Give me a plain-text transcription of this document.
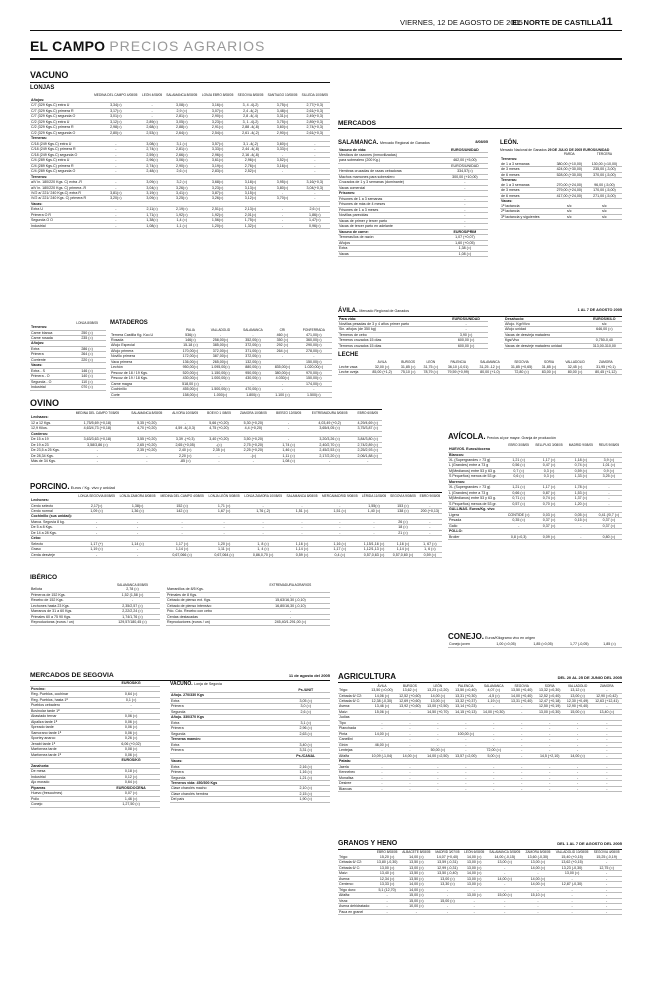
VIERNES, 12 DE AGOSTO DE 2005
EL NORTE DE CASTILLA 11
EL CAMPO PRECIOS AGRARIOS
VACUNO
LONJAS
	MEDINA DEL CAMPO 4/08/05	LEÓN 4/08/05	SALAMANCA 8/08/05	LONJA EBRO 8/08/05	SEGOVIA 8/08/05	SANTIAGO 10/08/05	SILLEDA 10/08/05
Añojos:							
C/7 (329 Kgs.C) extra U	3,34(=)	-	3,08(=)	3,16(=)	3, 4 -4(-2)	3,75(=)	2,77(+0,3)
C/7 (329 Kgs.C) primera R	3,17(=)	-	2,9 (=)	3,07(=)	2,4 -4(-2)	3,48(=)	2,61(+0,3)
C/7 (329 Kgs.C) segunda O	3,01(=)	-	2,81(=)	2,90(=)	2,8 -4(-4)	3,31(=)	2,49(+0,3)
C/2 (329 Kgs.C) extra U	3,12(=)	2,89(=)	3,05(=)	3,23(=)	3, 1 -4(-2)	3,75(=)	2,89(+0,3)
C/2 (329 Kgs.C) primera R	2,98(=)	2,68(=)	2,88(=)	2,91(=)	2,88 -4(-8)	3,60(=)	2,74(+0,3)
C/2 (329 Kgs.C) segunda O	2,80(=)	2,53(=)	2,64(=)	2,54(=)	2,61 -4(-2)	2,90(=)	2,61(+0,3)
Terneras:							
C/18 (249 Kgs.C) extra U	-	3,08(=)	3,1 (=)	3,57(=)	3,1 -4(-2)	3,60(=)	-
C/18 (249 Kgs.C) primera R	-	2,74(=)	2,81(=)	3,33(=)	2,44 -4(-8)	3,33(=)	-
C/18 (249 Kgs.C) segunda O	-	2,59(=)	2,66(=)	2,96(=)	2,16 -4(-8)	-	-
C/4 (289 Kgs.C) extra U	-	2,96(=)	3,06(=)	3,61(=)	2,96(=)	3,52(=)	-
C/4 (289 Kgs.C) primera R	-	2,74(=)	2,90(=)	3,19(=)	2,76(=)	3,16(=)	-
C/4 (289 Kgs.C) segunda O	-	2,48(=)	2,6 (=)	2,83(=)	2,52(=)	-	-
Terneros:							
a/V in. 180/220 Kgs. C) extra -R	-	3,09(=)	3,2 (=)	3,68(=)	3,18(=)	3,95(=)	3,16(+0,3)
a/V in. 180/220 Kgs. C) primera -R	-	3,04(=)	3,26(=)	3,23(=)	3,13(=)	3,80(=)	3,04(+0,3)
/V/2 a/ 221/ 240 Kgs.C) extra R	3,81(=)	3,19(=)	3,41(=)	3,87(=)	3,15(=)	-	-
/V/2 a/ 221/ 240 Kgs. C) primera R	3,20(=)	3,09(=)	3,25(=)	3,26(=)	3,12(=)	3,70(=)	-
Vacas:							
Extra U	-	2,11(=)	2,19(=)	2,51(=)	2,13(=)	-	2,6 (=)
Primera O R	-	1,71(=)	1,92(=)	1,92(=)	2,01(=)	-	1,86(=)
Segunda O O	-	1,38(=)	1,4 (=)	1,56(=)	1,75(=)	-	1,47(=)
Industrial	-	1,08(=)	1,1 (=)	1,20(=)	1,32(=)	-	0,96(=)
	LONJA 8/08/05
Terneros:	
Carne blanca	250 (=)
Carne rosada	235 (=)
Añojos:	
Extra	286 (=)
Primera	264 (=)
Corriente	220 (=)
Vacas:	
Extra - S	146 (=)
Primera - O	140 (=)
Segunda - O	110 (=)
Industrial	070 (=)
MATADEROS
	PALIA	VALLADOLID	SALAMANCA	CRI	PONFERRADA
Ternera Castilla Kg. Kco.U	536(=)	-	-	460 (=)	471,00(=)
Rosada	146(=)	258,00(=)	352,00(=)	350 (=)	360,00(=)
Añojo Especial	15-18 (=)	385,00(=)	372,00(=)	292 (=)	290,00(=)
Añojo primera	170,00(=)	372,00(=)	371,00(=)	264 (=)	278,00(=)
Novillo primera	172,00(=)	387,00(=)	372,00(=)	-	-
Vaca primera	136,00(=)	265,00(=)	132,00(=)		150,00(=)
Lechón	950,00(=)	1.095,00(=)	880,00(=)	835,00(=)	1.020,00(=)
Pescoz de 18 / 19 Kgs.	520,00(=)	1.150,00(=)	950,00(=)	380,00(=)	970,00(=)
Pescoz de 19 / 18 Kgs.	430,00(=)	1.000,00(=)	430,00(=)	4.030(=)	150,00(=)
Carne magra	518,00 (=)	-	-	-	174,00(=)
Cochinillo	455,00(=)	1.500,00(=)	470,00(=)	-	-
Corte	158,00(=)	1.000(=)	1.800(=)	1.100 (=)	1.500(=)
MERCADOS
SALAMANCA. Mercado Regional de Ganados	8/08/05
Vacuno de vida:	EUROS/UNIDAD
Mestizos de razones (inmovilizadas)	
para sobrealero (200 Kg.)	462,00 (+5,00)
	EUROS/UNIDAD
Hembras cruzadas de razas cebadoras	334,57(=)
Machos mamones para sobrealero	300,00 (+10,00)
Cruzados de 1 y 3 semanas (dominante)	-
Vacas comercial	-
Frisones:	
Frisones de 1 a 3 semanas	-
Frisones de más de 4 meses	-
Frisones de 1 a 3 meses	-
Novillas parecidas	-
Vacas de primer y tercer parto	-
Vacas de tercer parto en adelante	-
Vacuno de carne:	EUROS/PRIM
Terneras/los de razón	1,07 (+0,07)
Añojos	1,60 (+0,05)
Extra	1,38 (=)
Vacas	1,08 (=)
LEÓN.
Mercado Nacional de Ganados 29 DE JULIO DE 2005 EUROS/UNIDAD
	PARDA	TERCERA
Terneros:		
de 1 a 3 semanas	380,00 (+10,00)	130,00 (=10,00)
de 3 meses	424,00 (+30,00)	235,00 (-3,00)
de 6 meses	528,00 (+30,00)	370,00 (-5,00)
Terneras:		
de 1 a 3 semanas	270,00 (+24,00)	96,00 (-5,00)
de 3 meses	279,00 (+24,00)	170,00 (-5,00)
de 6 meses	417,00 (+24,00)	271,00 (-5,00)
Vacas:		
1ª lactancia	s/c	s/c
2ª lactancia	s/c	s/c
3ª lactancia y siguientes	s/c	s/c
ÁVILA. Mercado Regional de Ganados	1 AL 7 DE AGOSTO 2005
Para vida:	EUROS/UNIDAD
Novillas pesadas de 3 y 4 años primer parto	-
Sin. añojos (de 350 kg)	-
Terneros de cebo	3,90 (=)
Terneros cruzados 15 días	600,00 (=)
Terneros cruzados 15 días	600,00 (=)
Desahucio:	EUROS/KILO
Añojo. Kgr/Vivo	s/c
Añojo unidad	646,00 (=)
Vacas de desvieja matadero	
Kgs/Vivo	0,750-0,40
Vacas de desvieje matadero unidad	313,00-310,00
LECHE
	ÁVILA	BURGOS	LEÓN	PALENCIA	SALAMANCA	SEGOVIA	SORIA	VALLADOLID	ZAMORA
Leche vaca	32,00 (=)	31,85 (=)	31,75 (=)	36,10 (-0,01)	31,25 -12 (=)	31,85 (+0,65)	31,85 (=)	32,45 (=)	31,95 (+0,1)
Leche oveja	85,00 (+1,2)	75,10 (=)	78,79 (=)	79,59 (+0,99)	80,00 (+1,0)	72,80 (=)	83,00 (=)	80,00 (=)	80,45 (+1,12)
OVINO
	MEDINA DEL CAMPO 7/08/05	SALAMANCA 8/08/05	ALVORA 10/08/05	BOEVO 1 /08/05	ZAMORA 10/08/05	BIERZO 12/08/05	EXTREMADURA 5/08/05	EBRO 6/08/05
Lechazos:								
12 a 12 Kgs.	1,75/5,69 (+0,18)	5,35 (+0,20)	-	5,66 (+0,20)	5,30 (+0,20)	-	4,03,49 (+0,2)	4,29/4,69 (=)
12,9 Kilos.	4,63/4,73 (+0,18)	4,70 (+0,20)	4,59 -4(-0,3)	4,75 (+0,20)	4,4 (+0,20)	-	3,65/4,05 (=)	3,75/3,87 (=)
Corderos:								
De 15 a 19	3,63/3,63 (+0,18)	3,55 (+0,20)	3,39 -(+0,3)	3,40 (+0,20)	3,50 (+0,20)	-	3,20/3,26 (=)	3,84/3,80 (=)
De 19 a 23	3,58/3,86 (=)	2,65 (+0,20)	2,65 (+0,05)	-(=)	2,75 (+0,20)	1,74 (=)	2,40/2,70 (=)	2,74/2,89 (=)
De 23,5 a 25 Kgs.	-	2,35 (+0,20)	2,40 (=)	2,35 (=)	2,25 (+0,20)	1,46 (=)	2,45/2,53 (=)	2,25/2,93 (=)
De 28,34 Kgs.	-	-	2,20 (=)	-	-(=)	1,11 (=)	2,17/2,20 (=)	2,06/1,88 (=)
Más de 34 Kgs.	-	-	-85 (=)	-	-	1,08 (=)	-	-
PORCINO. Euros / Kg. vivo y unidad
	LONJA SEGOVIA 8/08/05	LONJA ZAMORA 8/08/05	MEDINA DEL CAMPO 4/08/05	LONJA LEÓN 5/08/05	LONJA ZAMORA 10/08/05	SALAMANCA 8/08/05	MERCAMADRID 9/08/05	LÉRIDA 11/08/05	SEGOVIA 9/08/05	EBRO 9/08/05
Lechones:										
Cerdo selecto	2,17(=)	1,38(=)	152 (=)	1,71 (=)	-	-	-	1,55(=)	153 (=)	-
Cerdo normal	1,09 (=)	1,36 (=)	142 (=)	1,67 (=)	1,76 (-2)	1,51 (=)	1,51 (=)	1,40 (=)	138 (=)	200 (+0,13)
Cochinillo (sus unidad):										
Marca. Segovia 8 kg.	-	-	-	-	-	-	-	-	26 (=)	-
De 5 a 8 Kgs.	-	-	-	-	-	-	-	-	18 (=)	-
De 14 a 28 Kgs.	-	-	-	-	-	-	-	-	21 (=)	-
Cebo:										
Selecto	1,17 (+)	1,14 (=)	1,17 (=)	1,20 (=)	1, 8 (=)	1,16 (=)	1,16 (=)	1,15/1,16 (=)	1,16 (=)	1, 67 (=)
Graso	1,19 (=)	-	1,14 (=)	1,11 (=)	1, 4 (=)	1,14 (=)	1,17 (=)	1,12/1,13 (=)	1,14 (=)	1, 6 (=)
Cerda desvieje	-	-	0,67,066 (=)	0,67,064 (=)	0,86,0,70 (=)	0,59 (=)	0,4 (=)	0,57,0,63 (=)	0,57,0,60 (=)	0,59 (=)
IBÉRICO
	SALAMANCA 8/08/05
Bellota	2,78 (=)
Primeros de 152 Kgs.	1,52 (1,58 (=)
Recebo de 152 Kgs.	-
Lechones hasta 23 Kgs.	2,35/2,57 (=)
Marranos de 31 a 60 Kgs.	2,22/2,24 (=)
Primales 60 a 75 90 Kgs.	1,74/1,76 (=)
Reproductoras (euros / un)	129,57/180,45 (=)
	EXTREMADURA AGRARIOS
Marranillos de 8/5 Kgs.	-
Primales de 8 Kgs.	-
Cebado de pienso ext. Kgs.	15,63/16,30 (-0,10)
Cebado de pienso intensivo	16,80/16,30 (-0,10)
Pdo. Cdo. Recebo con cebo	-
Cerdas destacadas	-
Reproductores (euros / un)	245,40/1.291,00 (=)
MERCADOS DE SEGOVIA	11 de agosto del 2005
	EUROS/KG
Porcino:	
Reg. Pueblos, cochinar	0,64 (=)
Reg. Pueblos, hasta 1ª	0,1 (=)
Pueblos cebadero	-
Bovinolar tarde 1ª	-
Abastado ternar	0,06 (=)
Alpaliza tarde 1ª	0,06 (=)
Spreado tarde	0,06 (=)
Samorano tarde 1ª	0,06 (=)
Sportey anarco	0,26 (=)
Jenabi tarde 1ª	6,06 (+0,02)
Marfornea tarde	0,08 (=)
Marfornea tarde 1ª	0,06 (=)
	EUROS/KG
Zanahoria:	
De mesa	0,18 (=)
Industrial	0,12 (=)
Ajo morado	0,64 (=)
Piparras	EUROS/DOCENA
Huevo (fresco/mes)	0,07 (=)
Pollo	1,46 (=)
Conejo	1,27,50 (=)
VACUNO. Lonja de Segovia
	Ps./UNIT
Añojo. 270/330 Kgs	
Extra	3,05 (=)
Primera	3,0 (=)
Segunda	2,6 (=)
Añojo. 330/370 Kgs	
Extra	3,1 (=)
Primera	2,96 (=)
Segunda	2,63 (=)
Terneras mamón:	
Extra	3,40 (=)
Primera	3,31 (=)
	Ps./CANAL
Vacas:	
Extra	2,16 (=)
Primera	1,16 (=)
Segunda	1,21 (=)
Terneros vida: 450/300 Kgs	
Clase charolés macho	2,10 (=)
Clase charolés hembra	2,15 (=)
Del país	1,90 (=)
AVÍCOLA. Precios al por mayor. Granja de producción
	EBRO 3/08/05	BELLPUIG 3/08/05	MADRID 9/08/05	REUS 9/08/05
HUEVOS. Euros/docena				
Blancos:				
XL (Supergrandes > 73 g)	1,21 (=)	1,17 (=)	1,18 (=)	3,9 (=)
L (Grandes) entre a 73 g	0,56 (=)	0,47 (=)	0,74 (=)	1,01 (=)
M(Medianos) entre 53 y 63 g.	0,7 (=)	0,3 (=)	0,59 (=)	0,9 (=)
S Pequeños) menos de 53 gr.	0,6 (=)	0,3 (=)	1,33 (=)	3,25 (=)
Morenos:				
XL (Supergrandes > 73 g)	1,21 (=)	1,17 (=)	1,78 (=)	-
L (Grandes) entre a 73 g	0,66 (=)	0,87 (=)	1,53 (=)	-
M(Medianos) entre 53 y 63 g.	0,71 (=)	0,74 (=)	1,37 (=)	-
S Pequeños) menos de 53 gr.	0,57 (=)	0,70 (=)	1,20 (=)	-
GALLINAS. Euros/Kg. vivo				
Ligera	CONTIDE (=)	0,03 (=)	0,05 (=)	0,41 (/0,7 (=)
Pesada	0,35 (=)	0,37 (=)	0,15 (=)	0,37 (=)
Gallo	-	0,37 (=)	-	0,37 (=)
POLLO:				
Broiler	0,8 (=0,3)	0,09 (=)	-	0,80 (=)
CONEJO. Euros/Kilogramo vivo en origen
Conejo joven	1,00 (=0,05)	1,85 (=0,05)	1,77 (-0,05)	1,85 (=)
AGRICULTURA	DEL 20 AL 25 DE JUNIO DEL 2005
	ÁVILA	BURGOS	LEÓN	PALENCIA	SALAMANCA	SEGOVIA	SORIA	VALLADOLID	ZAMORA
Trigo:	13,50 (=0,00)	13,62 (=)	13,23 (=2,20)	13,50 (=0,40)	4,07 (=)	13,50 (+0,40)	13,32 (=0,30)	13,12 (=)	-
Cebada 6/ C2:	14,06 (=)	12,52 (+0,60)	14,00 (=)	13,31 (+0,30)	-4,5 (=)	14,00 (+0,40)	12,52 (=0,40)	13,00 (=)	12,90 (=0,42)
Cebada 6/ C:	12,38 (-0,30)	12,69 (+0,60)	13,00 (=)	13,32 (+0,37)	1,19 (=)	13,31 (+0,40)	12,47 (+0,18)	12,30 (+0,49)	12,63 (+12,41)
Avena:	13,46 (=)	13,92 (+0,60)	13,00 (+2,50)	13,14 (+0,23)	-	-	12,50 (+0,19)	12,90 (+0,40)	-
Maíz:	15,06 (=)	-	14,50 (+0,70)	14,15 (+0,13)	14,00 (+0,30)	-	13,00 (=0,30)	15,00 (=)	13,40 (=)
Judías									
Tipo	-	-	-	-	-	-	-	-	-
Planchada	-	-	-	-	-	-	-	-	-
Pinta	14,00 (=)	-	-	100,00 (=)	-	-	-	-	-
Canellini	-	-	-	-	-	-	-	-	-
Girón	46,00 (=)	-	-	-	-	-	-	-	-
Lentejas	-	-	50,00 (=)	-	72,00 (=)	-	-	-	-
Alfalfa	10,09 (-1,04)	14,00 (=)	14,00 (=2,50)	13,57 (=2,00)	5,00 (=)	-	14,5 (+2,10)	14,00 (=)	-
Patata:									
Jaerla	-	-	-	-	-	-	-	-	-
Kennebec	-	-	-	-	-	-	-	-	-
Monalisa	-	-	-	-	-	-	-	-	-
Desiree	-	-	-	-	-	-	-	-	-
Blancas	-	-	-	-	-	-	-	-	-
GRANOS Y HENO	DEL 1 AL 7 DE AGOSTO DEL 2005
	EBRO 8/08/05	ALBACETE 8/08/05	MADRID 3/07/05	LEÓN 6/08/05	SALAMANCA 3/08/05	ZAMORA 5/08/05	VALLADOLID 10/08/05	SEGOVIA 4/08/05
Trigo:	15,20 (=)	14,00 (=)	14,07 (+0,40)	14,00 (=)	14,00 (-0,15)	13,60 (-0,30)	15,40 (+0,15)	15,25 (-0,19)
Cebada 6/ C2:	13,80 (-0,30)	13,50 (=)	13,59 (-0,31)	13,00 (=)	13,00 (=)	13,00 (=)	13,62 (+0,15)	-
Cebada 6/ C:	13,00 (=)	13,00 (=)	12,99 (-0,31)	13,00 (=)	-	14,00 (=)	13,23 (-0,30)	12,75 (=)
Maíz:	13,40 (=)	13,50 (=)	13,50 (-0,40)	14,00 (=)	-	-	13,00 (=)	-
Avena:	12,34 (=)	13,50 (=)	13,00 (=)	13,00 (=)	14,00 (=)	14,00 (=)	-	-
Centeno:	13,33 (=)	14,00 (=)	13,30 (=)	13,00 (=)	-	14,00 (=)	12,87 (-0,30)	-
Trigo duro:	5,1 (12,70)	14,00 (=)	-	-	-	-	-	-
Alfalfa:	-	15,00 (=)	-	13,00 (=)	15,00 (=)	15,10 (=)	-	-
Veza:	-	15,00 (=)	15,00 (=)	-	-	-	-	-
Avena dehidratado:	-	10,00 (=)	-	-	-	-	-	-
Paca en granel	-	-	-	-	-	-	-	-
